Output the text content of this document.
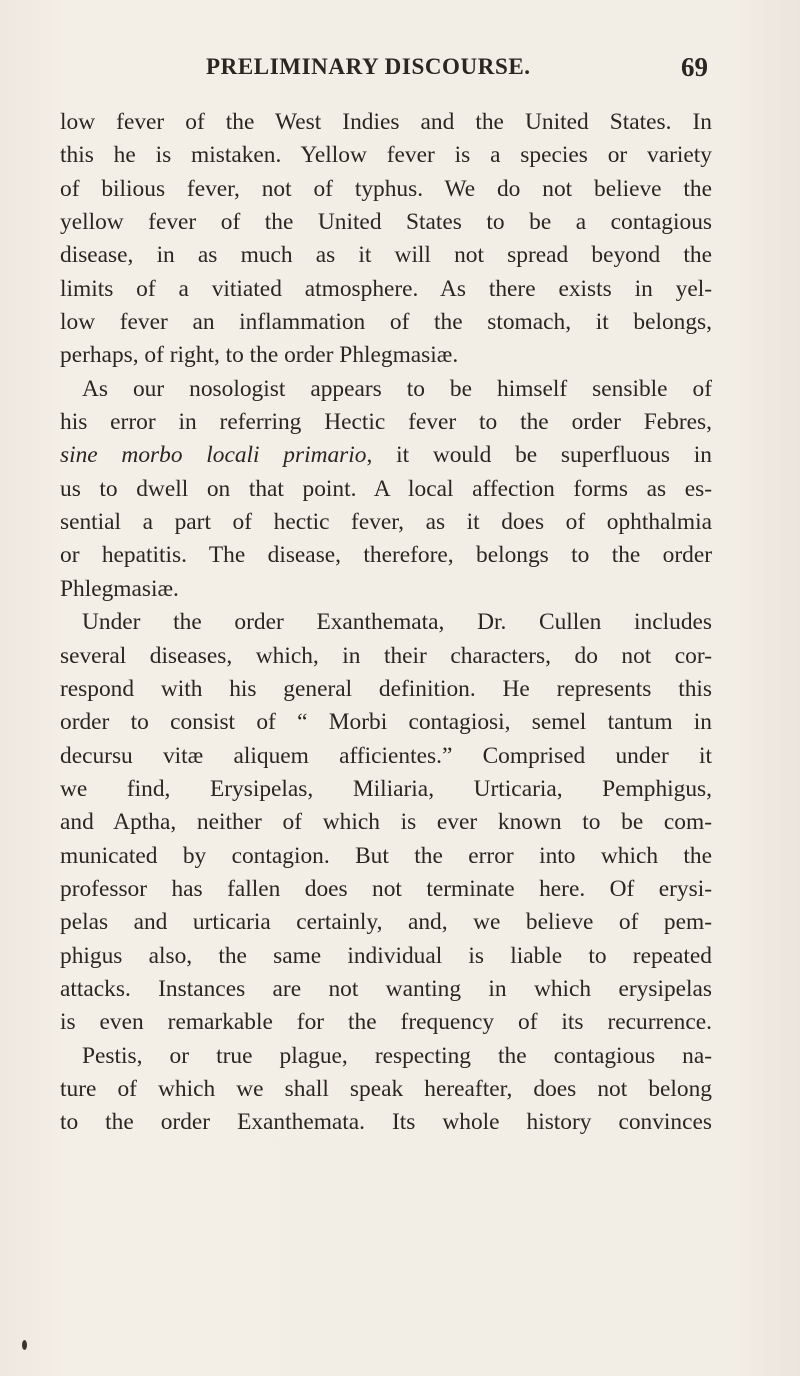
PRELIMINARY DISCOURSE.	69
low fever of the West Indies and the United States. In
this he is mistaken. Yellow fever is a species or variety
of bilious fever, not of typhus. We do not believe the
yellow fever of the United States to be a contagious
disease, in as much as it will not spread beyond the
limits of a vitiated atmosphere. As there exists in yel-
low fever an inflammation of the stomach, it belongs,
perhaps, of right, to the order Phlegmasiæ.
As our nosologist appears to be himself sensible of
his error in referring Hectic fever to the order Febres,
sine morbo locali primario, it would be superfluous in
us to dwell on that point. A local affection forms as es-
sential a part of hectic fever, as it does of ophthalmia
or hepatitis. The disease, therefore, belongs to the order
Phlegmasiæ.
Under the order Exanthemata, Dr. Cullen includes
several diseases, which, in their characters, do not cor-
respond with his general definition. He represents this
order to consist of “ Morbi contagiosi, semel tantum in
decursu vitæ aliquem afficientes.” Comprised under it
we find, Erysipelas, Miliaria, Urticaria, Pemphigus,
and Aptha, neither of which is ever known to be com-
municated by contagion. But the error into which the
professor has fallen does not terminate here. Of erysi-
pelas and urticaria certainly, and, we believe of pem-
phigus also, the same individual is liable to repeated
attacks. Instances are not wanting in which erysipelas
is even remarkable for the frequency of its recurrence.
Pestis, or true plague, respecting the contagious na-
ture of which we shall speak hereafter, does not belong
to the order Exanthemata. Its whole history convinces
